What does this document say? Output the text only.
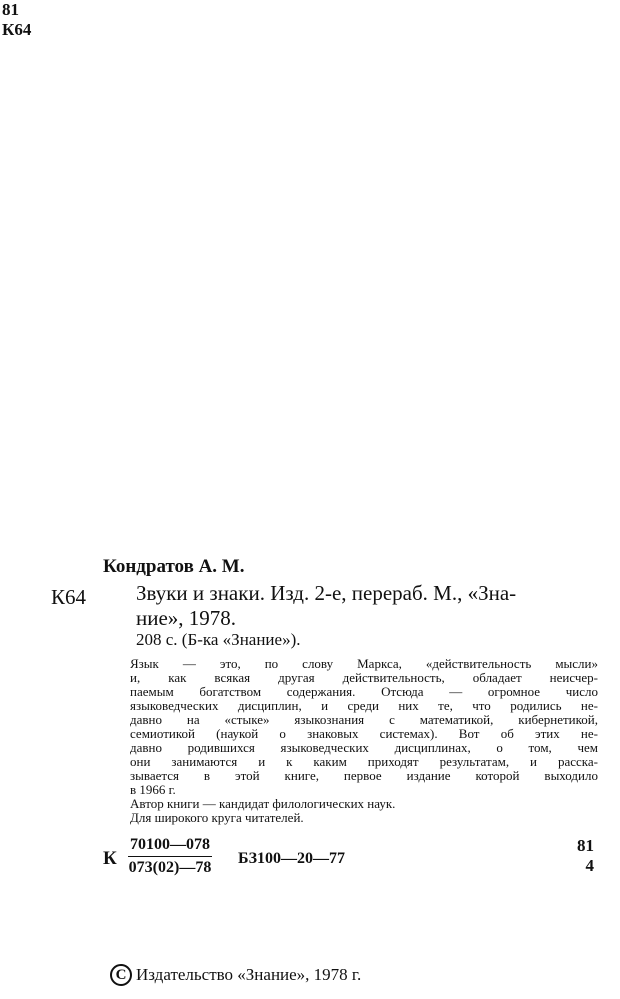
81
К64
Кондратов А. М.
К64 Звуки и знаки. Изд. 2-е, перераб. М., «Зна-
ние», 1978.
208 с. (Б-ка «Знание»).
Язык — это, по слову Маркса, «действительность мысли»
и, как всякая другая действительность, обладает неисчер-
паемым богатством содержания. Отсюда — огромное число
языковедческих дисциплин, и среди них те, что родились не-
давно на «стыке» языкознания с математикой, кибернетикой,
семиотикой (наукой о знаковых системах). Вот об этих не-
давно родившихся языковедческих дисциплинах, о том, чем
они занимаются и к каким приходят результатам, и расска-
зывается в этой книге, первое издание которой выходило
в 1966 г.
Автор книги — кандидат филологических наук.
Для широкого круга читателей.
К $\frac{70100—078}{073(02)—78}$ БЗ100—20—77
81
4
C Издательство «Знание», 1978 г.
